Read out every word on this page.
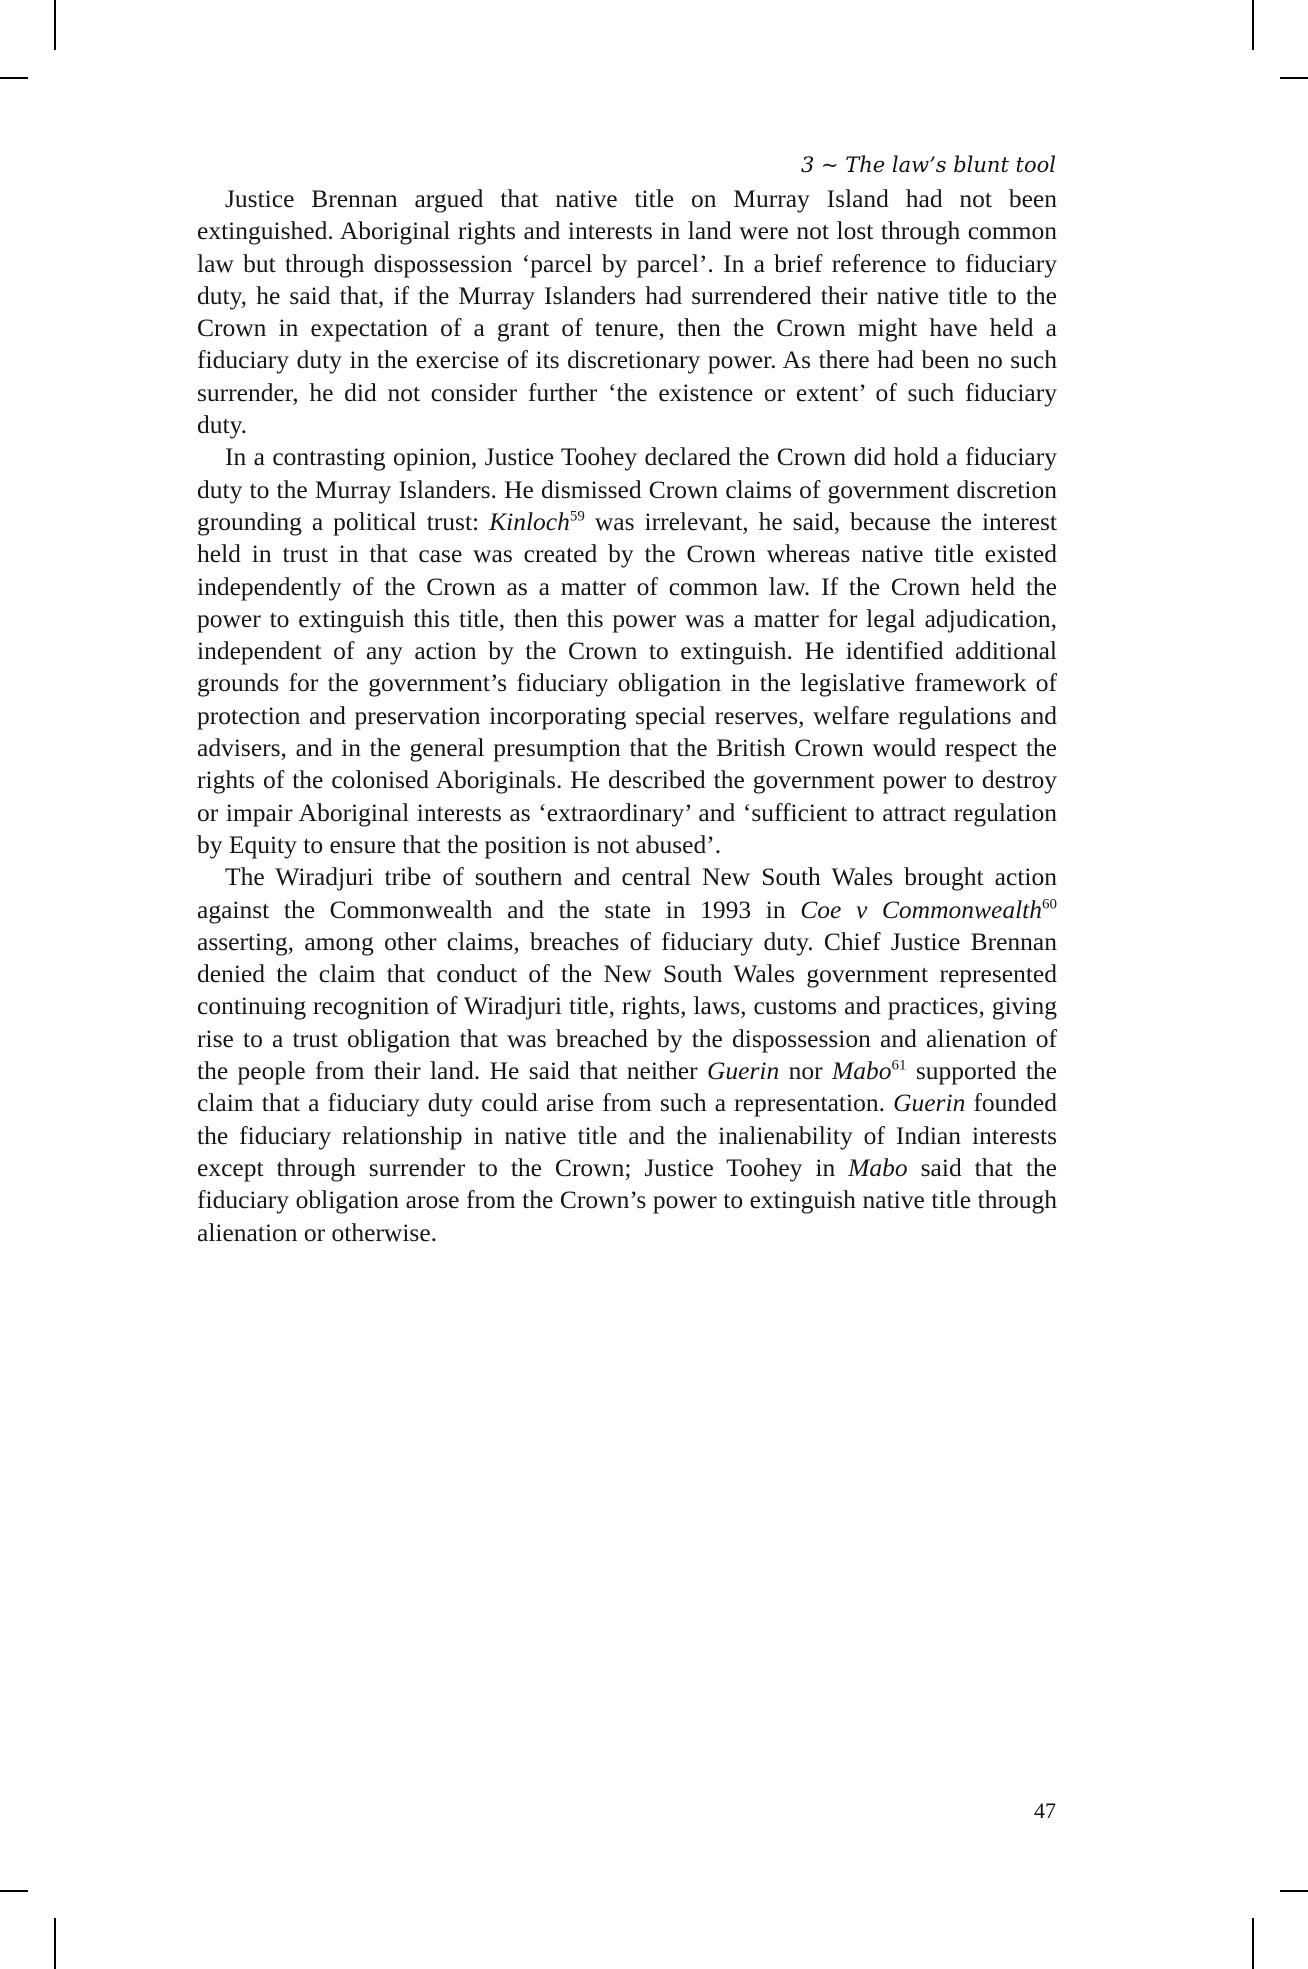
3 ~ The law’s blunt tool

Justice Brennan argued that native title on Murray Island had not been extinguished. Aboriginal rights and interests in land were not lost through common law but through dispossession ‘parcel by parcel’. In a brief reference to fiduciary duty, he said that, if the Murray Islanders had surrendered their native title to the Crown in expectation of a grant of tenure, then the Crown might have held a fiduciary duty in the exercise of its discretionary power. As there had been no such surrender, he did not consider further ‘the existence or extent’ of such fiduciary duty.

In a contrasting opinion, Justice Toohey declared the Crown did hold a fiduciary duty to the Murray Islanders. He dismissed Crown claims of government discretion grounding a political trust: Kinloch$^{59}$ was irrelevant, he said, because the interest held in trust in that case was created by the Crown whereas native title existed independently of the Crown as a matter of common law. If the Crown held the power to extinguish this title, then this power was a matter for legal adjudication, independent of any action by the Crown to extinguish. He identified additional grounds for the government’s fiduciary obligation in the legislative framework of protection and preservation incorporating special reserves, welfare regulations and advisers, and in the general presumption that the British Crown would respect the rights of the colonised Aboriginals. He described the government power to destroy or impair Aboriginal interests as ‘extraordinary’ and ‘sufficient to attract regulation by Equity to ensure that the position is not abused’.

The Wiradjuri tribe of southern and central New South Wales brought action against the Commonwealth and the state in 1993 in Coe v Commonwealth$^{60}$ asserting, among other claims, breaches of fiduciary duty. Chief Justice Brennan denied the claim that conduct of the New South Wales government represented continuing recognition of Wiradjuri title, rights, laws, customs and practices, giving rise to a trust obligation that was breached by the dispossession and alienation of the people from their land. He said that neither Guerin nor Mabo$^{61}$ supported the claim that a fiduciary duty could arise from such a representation. Guerin founded the fiduciary relationship in native title and the inalienability of Indian interests except through surrender to the Crown; Justice Toohey in Mabo said that the fiduciary obligation arose from the Crown’s power to extinguish native title through alienation or otherwise.

47
